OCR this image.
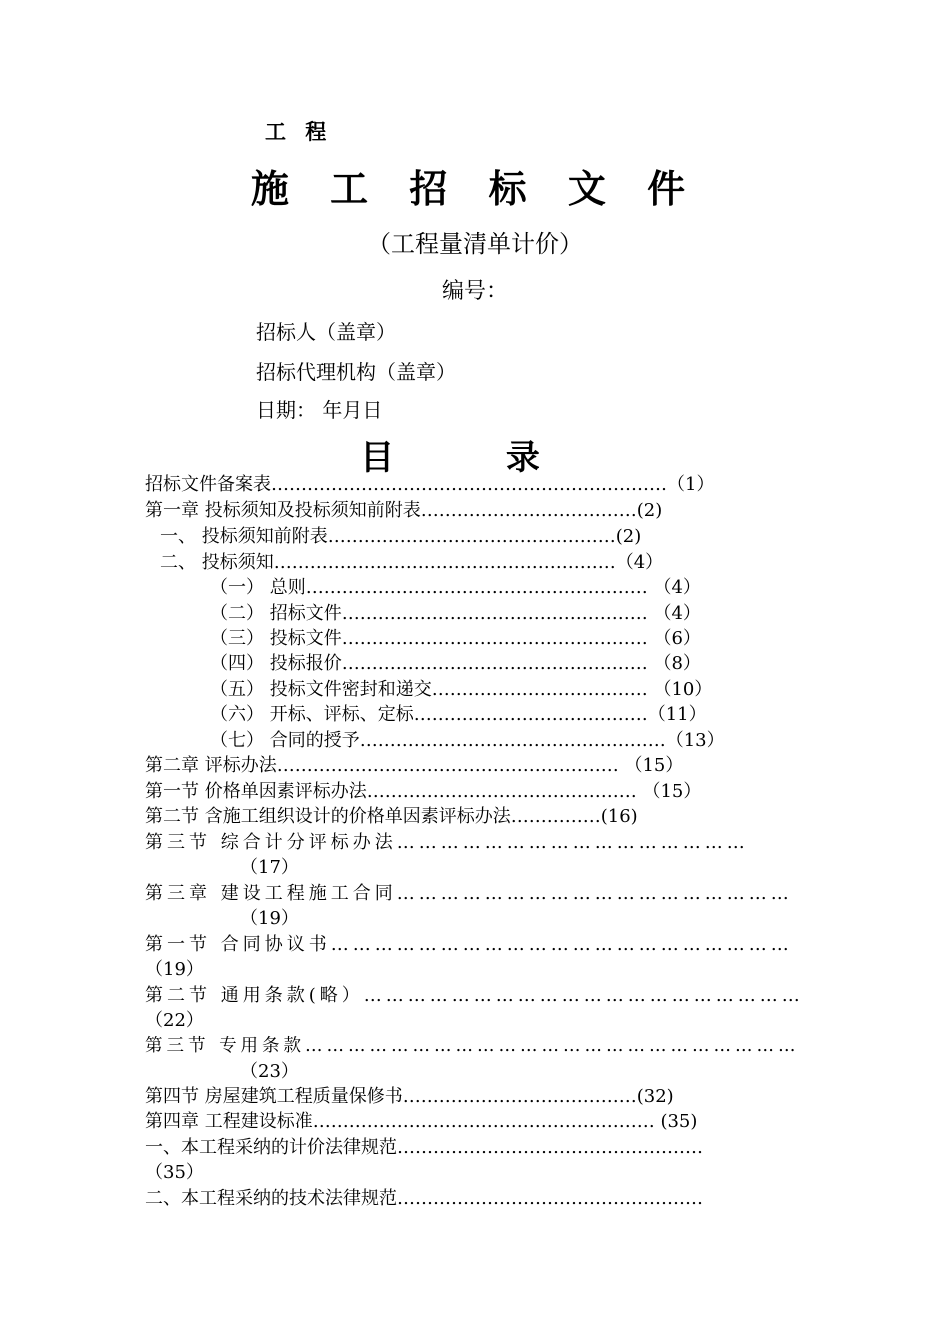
工 程
施 工 招 标 文 件
（工程量清单计价）
编号：
招标人（盖章）
招标代理机构（盖章）
日期： 年月日
目 录
招标文件备案表…………………………………………………………（1）
第一章 投标须知及投标须知前附表………………………………(2)
一、 投标须知前附表…………………………………………(2)
二、 投标须知…………………………………………………（4）
（一） 总则………………………………………………… （4）
（二） 招标文件…………………………………………… （4）
（三） 投标文件…………………………………………… （6）
（四） 投标报价…………………………………………… （8）
（五） 投标文件密封和递交……………………………… （10）
（六） 开标、评标、定标…………………………………（11）
（七） 合同的授予……………………………………………（13）
第二章 评标办法………………………………………………… （15）
第一节 价格单因素评标办法……………………………………… （15）
第二节 含施工组织设计的价格单因素评标办法……………(16)
第三节 综合计分评标办法…………………………………………
（17）
第三章 建设工程施工合同………………………………………………
（19）
第一节 合同协议书………………………………………………………
（19）
第二节 通用条款(略）……………………………………………………
（22）
第三节 专用条款……………………………………………………………
（23）
第四节 房屋建筑工程质量保修书…………………………………(32)
第四章 工程建设标准………………………………………………… (35)
一、本工程采纳的计价法律规范……………………………………………
（35）
二、本工程采纳的技术法律规范……………………………………………
